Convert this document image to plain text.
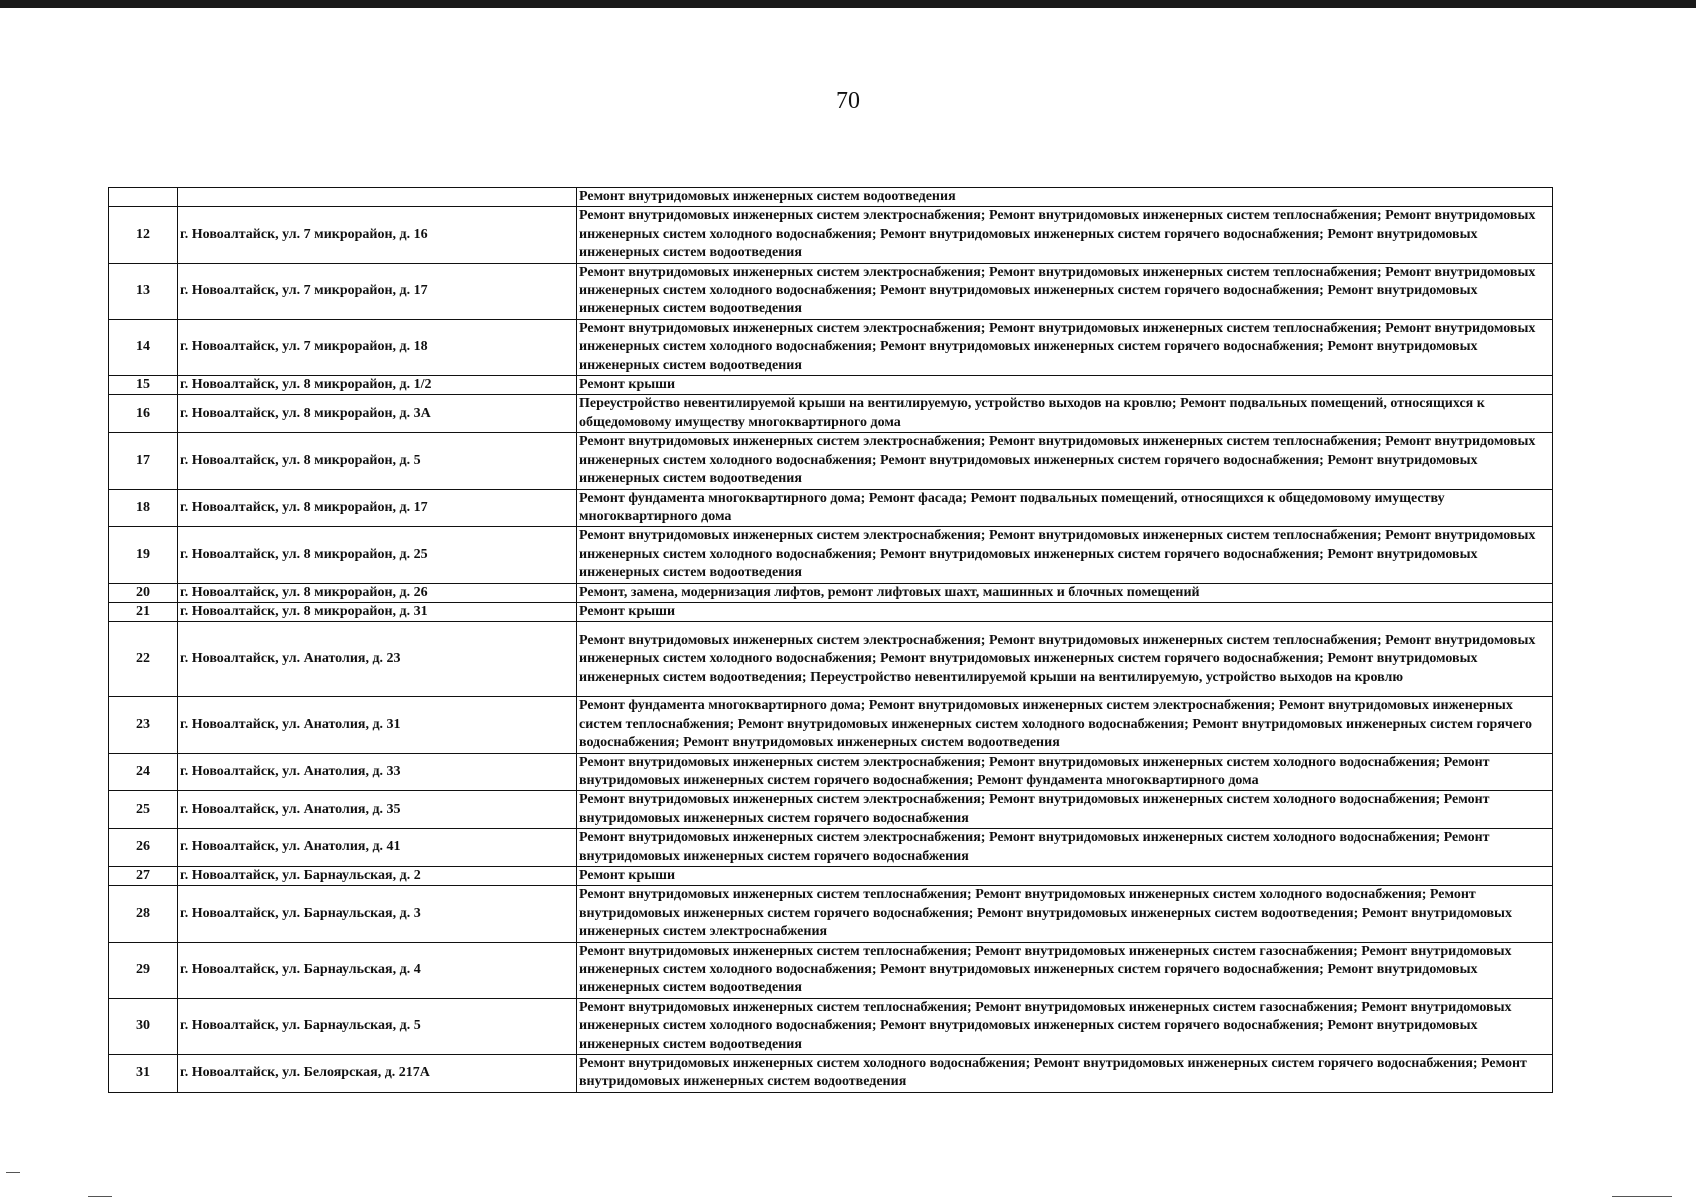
70
		Ремонт внутридомовых инженерных систем водоотведения
12	г. Новоалтайск, ул. 7 микрорайон, д. 16	Ремонт внутридомовых инженерных систем электроснабжения; Ремонт внутридомовых инженерных систем теплоснабжения; Ремонт внутридомовых инженерных систем холодного водоснабжения; Ремонт внутридомовых инженерных систем горячего водоснабжения; Ремонт внутридомовых инженерных систем водоотведения
13	г. Новоалтайск, ул. 7 микрорайон, д. 17	Ремонт внутридомовых инженерных систем электроснабжения; Ремонт внутридомовых инженерных систем теплоснабжения; Ремонт внутридомовых инженерных систем холодного водоснабжения; Ремонт внутридомовых инженерных систем горячего водоснабжения; Ремонт внутридомовых инженерных систем водоотведения
14	г. Новоалтайск, ул. 7 микрорайон, д. 18	Ремонт внутридомовых инженерных систем электроснабжения; Ремонт внутридомовых инженерных систем теплоснабжения; Ремонт внутридомовых инженерных систем холодного водоснабжения; Ремонт внутридомовых инженерных систем горячего водоснабжения; Ремонт внутридомовых инженерных систем водоотведения
15	г. Новоалтайск, ул. 8 микрорайон, д. 1/2	Ремонт крыши
16	г. Новоалтайск, ул. 8 микрорайон, д. 3А	Переустройство невентилируемой крыши на вентилируемую, устройство выходов на кровлю; Ремонт подвальных помещений, относящихся к общедомовому имуществу многоквартирного дома
17	г. Новоалтайск, ул. 8 микрорайон, д. 5	Ремонт внутридомовых инженерных систем электроснабжения; Ремонт внутридомовых инженерных систем теплоснабжения; Ремонт внутридомовых инженерных систем холодного водоснабжения; Ремонт внутридомовых инженерных систем горячего водоснабжения; Ремонт внутридомовых инженерных систем водоотведения
18	г. Новоалтайск, ул. 8 микрорайон, д. 17	Ремонт фундамента многоквартирного дома; Ремонт фасада; Ремонт подвальных помещений, относящихся к общедомовому имуществу многоквартирного дома
19	г. Новоалтайск, ул. 8 микрорайон, д. 25	Ремонт внутридомовых инженерных систем электроснабжения; Ремонт внутридомовых инженерных систем теплоснабжения; Ремонт внутридомовых инженерных систем холодного водоснабжения; Ремонт внутридомовых инженерных систем горячего водоснабжения; Ремонт внутридомовых инженерных систем водоотведения
20	г. Новоалтайск, ул. 8 микрорайон, д. 26	Ремонт, замена, модернизация лифтов, ремонт лифтовых шахт, машинных и блочных помещений
21	г. Новоалтайск, ул. 8 микрорайон, д. 31	Ремонт крыши
22	г. Новоалтайск, ул. Анатолия, д. 23	Ремонт внутридомовых инженерных систем электроснабжения; Ремонт внутридомовых инженерных систем теплоснабжения; Ремонт внутридомовых инженерных систем холодного водоснабжения; Ремонт внутридомовых инженерных систем горячего водоснабжения; Ремонт внутридомовых инженерных систем водоотведения; Переустройство невентилируемой крыши на вентилируемую, устройство выходов на кровлю
23	г. Новоалтайск, ул. Анатолия, д. 31	Ремонт фундамента многоквартирного дома; Ремонт внутридомовых инженерных систем электроснабжения; Ремонт внутридомовых инженерных систем теплоснабжения; Ремонт внутридомовых инженерных систем холодного водоснабжения; Ремонт внутридомовых инженерных систем горячего водоснабжения; Ремонт внутридомовых инженерных систем водоотведения
24	г. Новоалтайск, ул. Анатолия, д. 33	Ремонт внутридомовых инженерных систем электроснабжения; Ремонт внутридомовых инженерных систем холодного водоснабжения; Ремонт внутридомовых инженерных систем горячего водоснабжения; Ремонт фундамента многоквартирного дома
25	г. Новоалтайск, ул. Анатолия, д. 35	Ремонт внутридомовых инженерных систем электроснабжения; Ремонт внутридомовых инженерных систем холодного водоснабжения; Ремонт внутридомовых инженерных систем горячего водоснабжения
26	г. Новоалтайск, ул. Анатолия, д. 41	Ремонт внутридомовых инженерных систем электроснабжения; Ремонт внутридомовых инженерных систем холодного водоснабжения; Ремонт внутридомовых инженерных систем горячего водоснабжения
27	г. Новоалтайск, ул. Барнаульская, д. 2	Ремонт крыши
28	г. Новоалтайск, ул. Барнаульская, д. 3	Ремонт внутридомовых инженерных систем теплоснабжения; Ремонт внутридомовых инженерных систем холодного водоснабжения; Ремонт внутридомовых инженерных систем горячего водоснабжения; Ремонт внутридомовых инженерных систем водоотведения; Ремонт внутридомовых инженерных систем электроснабжения
29	г. Новоалтайск, ул. Барнаульская, д. 4	Ремонт внутридомовых инженерных систем теплоснабжения; Ремонт внутридомовых инженерных систем газоснабжения; Ремонт внутридомовых инженерных систем холодного водоснабжения; Ремонт внутридомовых инженерных систем горячего водоснабжения; Ремонт внутридомовых инженерных систем водоотведения
30	г. Новоалтайск, ул. Барнаульская, д. 5	Ремонт внутридомовых инженерных систем теплоснабжения; Ремонт внутридомовых инженерных систем газоснабжения; Ремонт внутридомовых инженерных систем холодного водоснабжения; Ремонт внутридомовых инженерных систем горячего водоснабжения; Ремонт внутридомовых инженерных систем водоотведения
31	г. Новоалтайск, ул. Белоярская, д. 217А	Ремонт внутридомовых инженерных систем холодного водоснабжения; Ремонт внутридомовых инженерных систем горячего водоснабжения; Ремонт внутридомовых инженерных систем водоотведения
